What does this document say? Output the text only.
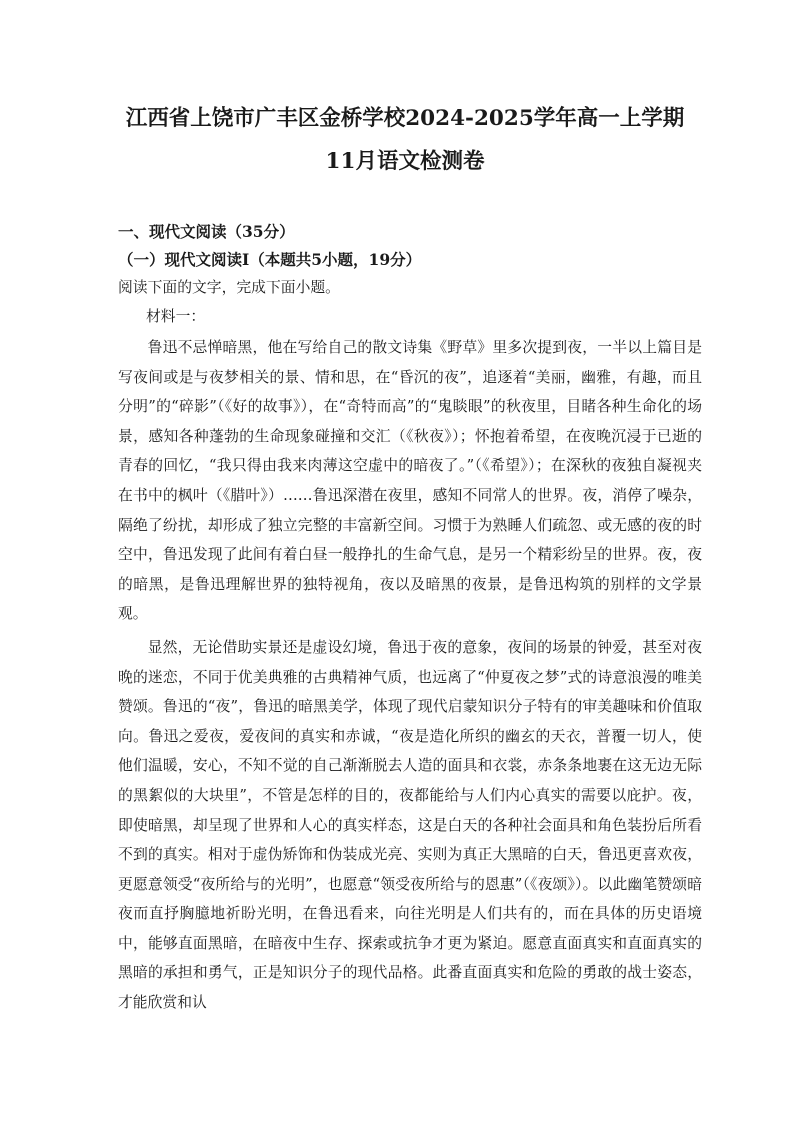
江西省上饶市广丰区金桥学校2024-2025学年高一上学期

11月语文检测卷

一、现代文阅读（35分）

（一）现代文阅读Ⅰ（本题共5小题，19分）

阅读下面的文字，完成下面小题。

材料一：

鲁迅不忌惮暗黑，他在写给自己的散文诗集《野草》里多次提到夜，一半以上篇目是写夜间或是与夜梦相关的景、情和思，在“昏沉的夜”，追逐着“美丽，幽雅，有趣，而且分明”的“碎影”（《好的故事》），在“奇特而高”的“鬼睒眼”的秋夜里，目睹各种生命化的场景，感知各种蓬勃的生命现象碰撞和交汇（《秋夜》）；怀抱着希望，在夜晚沉浸于已逝的青春的回忆，“我只得由我来肉薄这空虚中的暗夜了。”（《希望》）；在深秋的夜独自凝视夹在书中的枫叶（《腊叶》）……鲁迅深潜在夜里，感知不同常人的世界。夜，消停了噪杂，隔绝了纷扰，却形成了独立完整的丰富新空间。习惯于为熟睡人们疏忽、或无感的夜的时空中，鲁迅发现了此间有着白昼一般挣扎的生命气息，是另一个精彩纷呈的世界。夜，夜的暗黑，是鲁迅理解世界的独特视角，夜以及暗黑的夜景，是鲁迅构筑的别样的文学景观。

显然，无论借助实景还是虚设幻境，鲁迅于夜的意象，夜间的场景的钟爱，甚至对夜晚的迷恋，不同于优美典雅的古典精神气质，也远离了“仲夏夜之梦”式的诗意浪漫的唯美赞颂。鲁迅的“夜”，鲁迅的暗黑美学，体现了现代启蒙知识分子特有的审美趣味和价值取向。鲁迅之爱夜，爱夜间的真实和赤诚，“夜是造化所织的幽玄的天衣，普覆一切人，使他们温暖，安心，不知不觉的自己渐渐脱去人造的面具和衣裳，赤条条地裹在这无边无际的黑絮似的大块里”，不管是怎样的目的，夜都能给与人们内心真实的需要以庇护。夜，即使暗黑，却呈现了世界和人心的真实样态，这是白天的各种社会面具和角色装扮后所看不到的真实。相对于虚伪矫饰和伪装成光亮、实则为真正大黑暗的白天，鲁迅更喜欢夜，更愿意领受“夜所给与的光明”，也愿意“领受夜所给与的恩惠”（《夜颂》）。以此幽笔赞颂暗夜而直抒胸臆地祈盼光明，在鲁迅看来，向往光明是人们共有的，而在具体的历史语境中，能够直面黑暗，在暗夜中生存、探索或抗争才更为紧迫。愿意直面真实和直面真实的黑暗的承担和勇气，正是知识分子的现代品格。此番直面真实和危险的勇敢的战士姿态，才能欣赏和认
